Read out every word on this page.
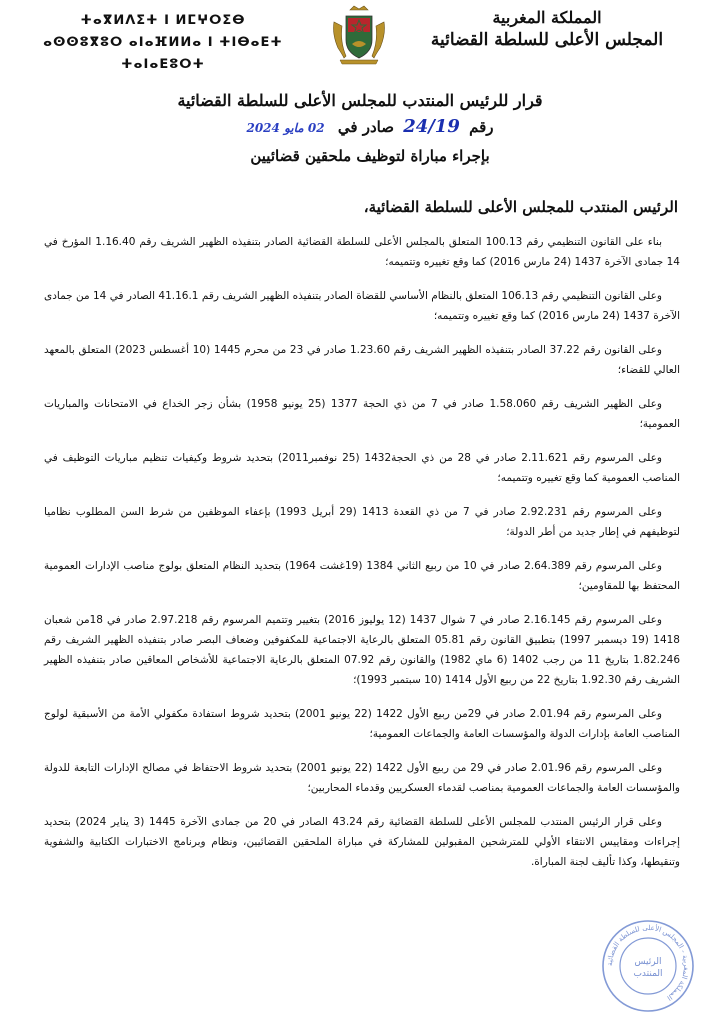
المملكة المغربية
المجلس الأعلى للسلطة القضائية
ⵜⴰⴳⵍⴷⵉⵜ ⵏ ⵍⵎⵖⵔⵉⴱ
ⴰⵙⵙⵓⴳⵓⵔ ⴰⵏⴰⴼⵍⵍⴰ ⵏ ⵜⵏⴱⴰⴹⵜ ⵜⴰⵏⴰⴹⵓⵔⵜ
قرار للرئيس المنتدب للمجلس الأعلى للسلطة القضائية
رقم 24/19 صادر في 02 مايو 2024
بإجراء مباراة لتوظيف ملحقين قضائيين
الرئيس المنتدب للمجلس الأعلى للسلطة القضائية،

بناء على القانون التنظيمي رقم 100.13 المتعلق بالمجلس الأعلى للسلطة القضائية الصادر بتنفيذه الظهير الشريف رقم 1.16.40 المؤرخ في 14 جمادى الآخرة 1437 (24 مارس 2016) كما وقع تغييره وتتميمه؛

وعلى القانون التنظيمي رقم 106.13 المتعلق بالنظام الأساسي للقضاة الصادر بتنفيذه الظهير الشريف رقم 41.16.1 الصادر في 14 من جمادى الآخرة 1437 (24 مارس 2016) كما وقع تغييره وتتميمه؛

وعلى القانون رقم 37.22 الصادر بتنفيذه الظهير الشريف رقم 1.23.60 صادر في 23 من محرم 1445 (10 أغسطس 2023) المتعلق بالمعهد العالي للقضاء؛

وعلى الظهير الشريف رقم 1.58.060 صادر في 7 من ذي الحجة 1377 (25 يونيو 1958) بشأن زجر الخداع في الامتحانات والمباريات العمومية؛

وعلى المرسوم رقم 2.11.621 صادر في 28 من ذي الحجة1432 (25 نوفمبر2011) بتحديد شروط وكيفيات تنظيم مباريات التوظيف في المناصب العمومية كما وقع تغييره وتتميمه؛

وعلى المرسوم رقم 2.92.231 صادر في 7 من ذي القعدة 1413 (29 أبريل 1993) بإعفاء الموظفين من شرط السن المطلوب نظاميا لتوظيفهم في إطار جديد من أطر الدولة؛

وعلى المرسوم رقم 2.64.389 صادر في 10 من ربيع الثاني 1384 (19غشت 1964) بتحديد النظام المتعلق بولوج مناصب الإدارات العمومية المحتفظ بها للمقاومين؛

وعلى المرسوم رقم 2.16.145 صادر في 7 شوال 1437 (12 يوليوز 2016) بتغيير وتتميم المرسوم رقم 2.97.218 صادر في 18من شعبان 1418 (19 ديسمبر 1997) بتطبيق القانون رقم 05.81 المتعلق بالرعاية الاجتماعية للمكفوفين وضعاف البصر صادر بتنفيذه الظهير الشريف رقم 1.82.246 بتاريخ 11 من رجب 1402 (6 ماي 1982) والقانون رقم 07.92 المتعلق بالرعاية الاجتماعية للأشخاص المعاقين صادر بتنفيذه الظهير الشريف رقم 1.92.30 بتاريخ 22 من ربيع الأول 1414 (10 سبتمبر 1993)؛

وعلى المرسوم رقم 2.01.94 صادر في 29من ربيع الأول 1422 (22 يونيو 2001) بتحديد شروط استفادة مكفولي الأمة من الأسبقية لولوج المناصب العامة بإدارات الدولة والمؤسسات العامة والجماعات العمومية؛

وعلى المرسوم رقم 2.01.96 صادر في 29 من ربيع الأول 1422 (22 يونيو 2001) بتحديد شروط الاحتفاظ في مصالح الإدارات التابعة للدولة والمؤسسات العامة والجماعات العمومية بمناصب لقدماء العسكريين وقدماء المحاربين؛

وعلى قرار الرئيس المنتدب للمجلس الأعلى للسلطة القضائية رقم 43.24 الصادر في 20 من جمادى الآخرة 1445 (3 يناير 2024) بتحديد إجراءات ومقاييس الانتقاء الأولي للمترشحين المقبولين للمشاركة في مباراة الملحقين القضائيين، ونظام وبرنامج الاختبارات الكتابية والشفوية وتنقيطها، وكذا تأليف لجنة المباراة.

المملكة المغربية - المجلس الأعلى للسلطة القضائية
الرئيس
المنتدب
